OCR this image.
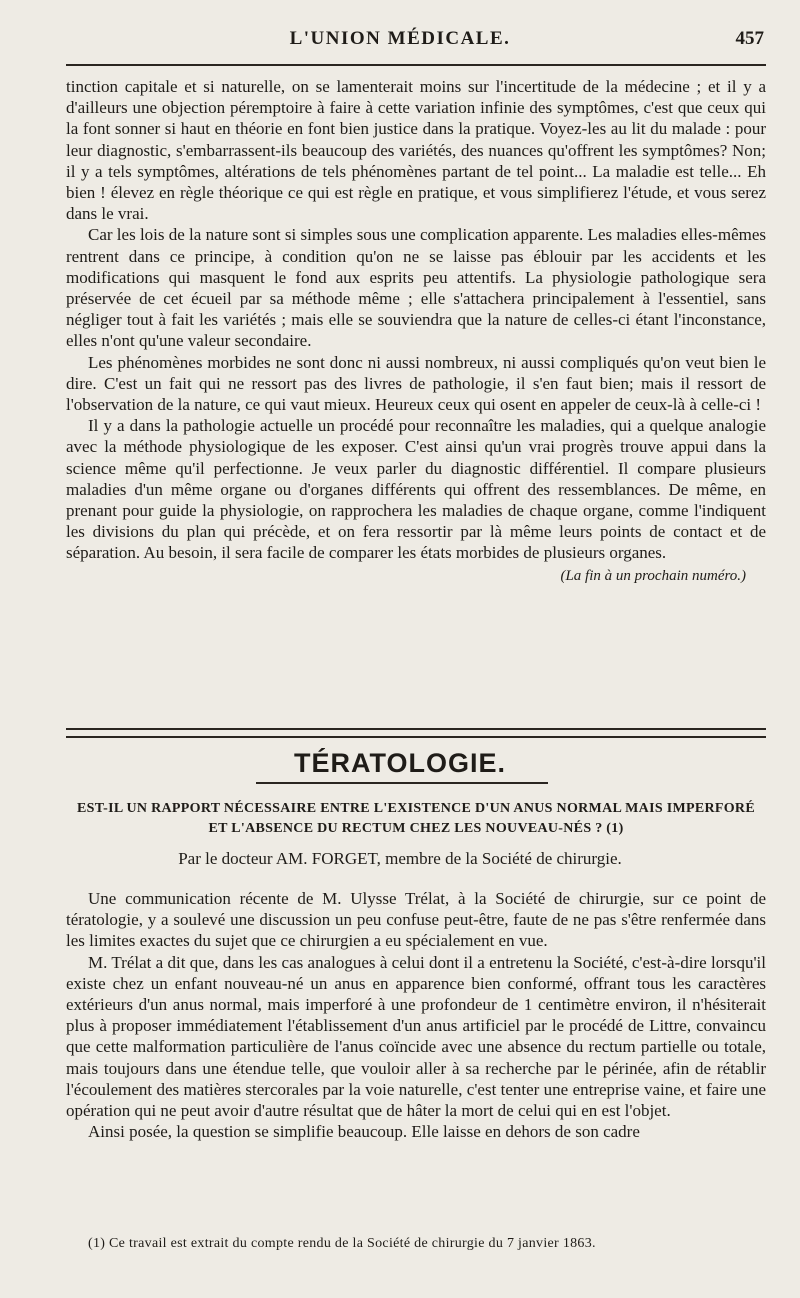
L'UNION MÉDICALE.	457

tinction capitale et si naturelle, on se lamenterait moins sur l'incertitude de la médecine ; et il y a d'ailleurs une objection péremptoire à faire à cette variation infinie des symptômes, c'est que ceux qui la font sonner si haut en théorie en font bien justice dans la pratique. Voyez-les au lit du malade : pour leur diagnostic, s'embarrassent-ils beaucoup des variétés, des nuances qu'offrent les symptômes? Non; il y a tels symptômes, altérations de tels phénomènes partant de tel point... La maladie est telle... Eh bien ! élevez en règle théorique ce qui est règle en pratique, et vous simplifierez l'étude, et vous serez dans le vrai.

Car les lois de la nature sont si simples sous une complication apparente. Les maladies elles-mêmes rentrent dans ce principe, à condition qu'on ne se laisse pas éblouir par les accidents et les modifications qui masquent le fond aux esprits peu attentifs. La physiologie pathologique sera préservée de cet écueil par sa méthode même ; elle s'attachera principalement à l'essentiel, sans négliger tout à fait les variétés ; mais elle se souviendra que la nature de celles-ci étant l'inconstance, elles n'ont qu'une valeur secondaire.

Les phénomènes morbides ne sont donc ni aussi nombreux, ni aussi compliqués qu'on veut bien le dire. C'est un fait qui ne ressort pas des livres de pathologie, il s'en faut bien; mais il ressort de l'observation de la nature, ce qui vaut mieux. Heureux ceux qui osent en appeler de ceux-là à celle-ci !

Il y a dans la pathologie actuelle un procédé pour reconnaître les maladies, qui a quelque analogie avec la méthode physiologique de les exposer. C'est ainsi qu'un vrai progrès trouve appui dans la science même qu'il perfectionne. Je veux parler du diagnostic différentiel. Il compare plusieurs maladies d'un même organe ou d'organes différents qui offrent des ressemblances. De même, en prenant pour guide la physiologie, on rapprochera les maladies de chaque organe, comme l'indiquent les divisions du plan qui précède, et on fera ressortir par là même leurs points de contact et de séparation. Au besoin, il sera facile de comparer les états morbides de plusieurs organes.

(La fin à un prochain numéro.)

TÉRATOLOGIE.
EST-IL UN RAPPORT NÉCESSAIRE ENTRE L'EXISTENCE D'UN ANUS NORMAL MAIS IMPERFORÉ
ET L'ABSENCE DU RECTUM CHEZ LES NOUVEAU-NÉS ? (1)
Par le docteur AM. FORGET, membre de la Société de chirurgie.

Une communication récente de M. Ulysse Trélat, à la Société de chirurgie, sur ce point de tératologie, y a soulevé une discussion un peu confuse peut-être, faute de ne pas s'être renfermée dans les limites exactes du sujet que ce chirurgien a eu spécialement en vue.

M. Trélat a dit que, dans les cas analogues à celui dont il a entretenu la Société, c'est-à-dire lorsqu'il existe chez un enfant nouveau-né un anus en apparence bien conformé, offrant tous les caractères extérieurs d'un anus normal, mais imperforé à une profondeur de 1 centimètre environ, il n'hésiterait plus à proposer immédiatement l'établissement d'un anus artificiel par le procédé de Littre, convaincu que cette malformation particulière de l'anus coïncide avec une absence du rectum partielle ou totale, mais toujours dans une étendue telle, que vouloir aller à sa recherche par le périnée, afin de rétablir l'écoulement des matières stercorales par la voie naturelle, c'est tenter une entreprise vaine, et faire une opération qui ne peut avoir d'autre résultat que de hâter la mort de celui qui en est l'objet.

Ainsi posée, la question se simplifie beaucoup. Elle laisse en dehors de son cadre

(1) Ce travail est extrait du compte rendu de la Société de chirurgie du 7 janvier 1863.
